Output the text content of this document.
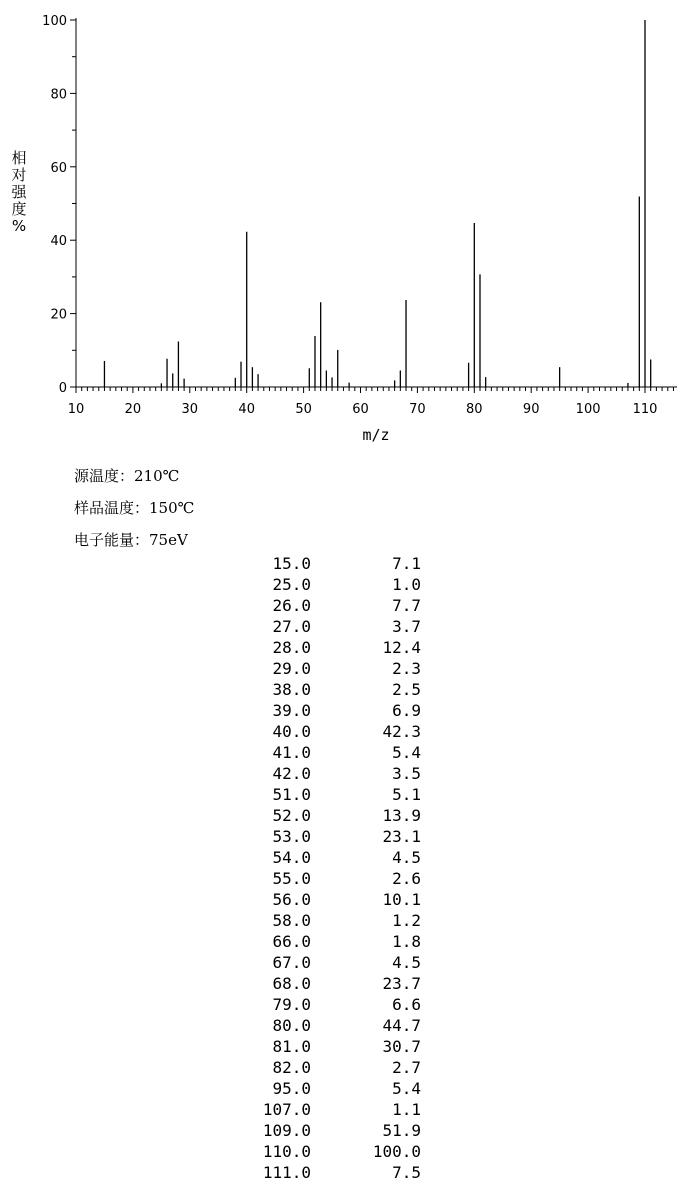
0
20
40
60
80
100
10	20	30	40	50	60	70	80	90	100 110
m/z
相
对
强
度
%
源温度：210℃
样品温度：150℃
电子能量：75eV
15.0	7.1
25.0	1.0
26.0	7.7
27.0	3.7
28.0	12.4
29.0	2.3
38.0	2.5
39.0	6.9
40.0	42.3
41.0	5.4
42.0	3.5
51.0	5.1
52.0	13.9
53.0	23.1
54.0	4.5
55.0	2.6
56.0	10.1
58.0	1.2
66.0	1.8
67.0	4.5
68.0	23.7
79.0	6.6
80.0	44.7
81.0	30.7
82.0	2.7
95.0	5.4
107.0	1.1
109.0	51.9
110.0	100.0
111.0	7.5
